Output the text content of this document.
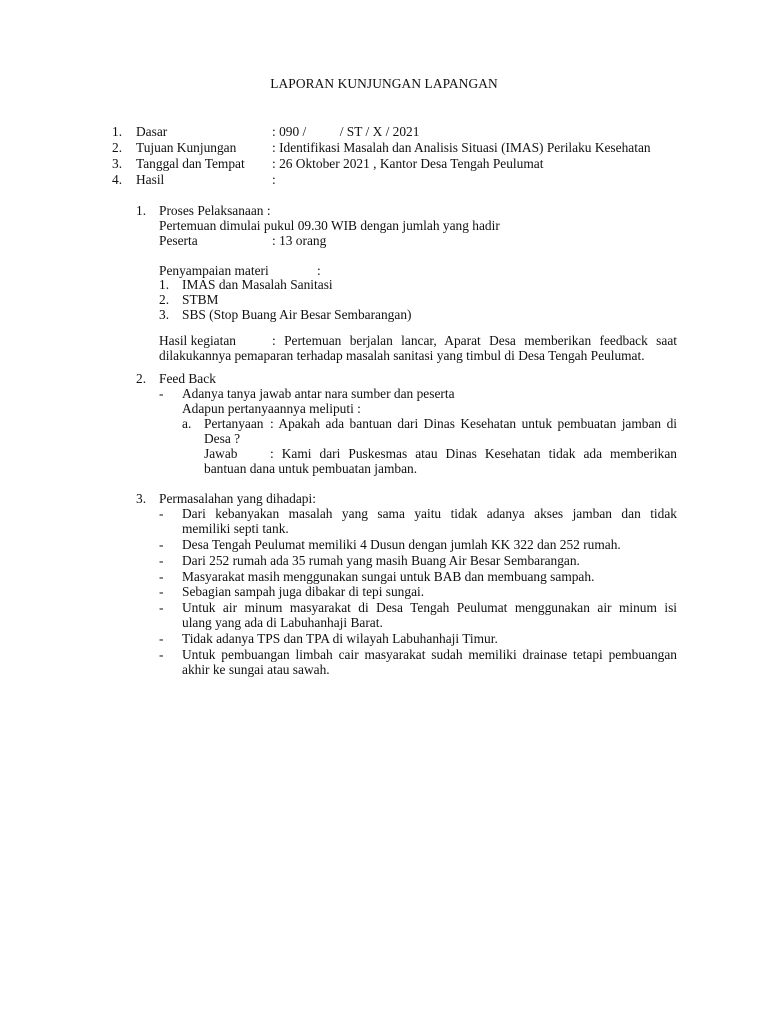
LAPORAN KUNJUNGAN LAPANGAN
1. Dasar	: 090 /          / ST / X / 2021
2. Tujuan Kunjungan	: Identifikasi Masalah dan Analisis Situasi (IMAS) Perilaku Kesehatan
3. Tanggal dan Tempat : 26 Oktober 2021 , Kantor Desa Tengah Peulumat
4. Hasil	:
1. Proses Pelaksanaan :
Pertemuan dimulai pukul 09.30 WIB dengan jumlah yang hadir
Peserta	: 13 orang
Penyampaian materi	:
1. IMAS dan Masalah Sanitasi
2. STBM
3. SBS (Stop Buang Air Besar Sembarangan)
Hasil kegiatan	: Pertemuan berjalan lancar, Aparat Desa memberikan feedback saat
dilakukannya pemaparan terhadap masalah sanitasi yang timbul di Desa Tengah Peulumat.
2. Feed Back
- Adanya tanya jawab antar nara sumber dan peserta
Adapun pertanyaannya meliputi :
a. Pertanyaan : Apakah ada bantuan dari Dinas Kesehatan untuk pembuatan jamban di
Desa ?
Jawab : Kami dari Puskesmas atau Dinas Kesehatan tidak ada memberikan
bantuan dana untuk pembuatan jamban.
3. Permasalahan yang dihadapi:
- Dari kebanyakan masalah yang sama yaitu tidak adanya akses jamban dan tidak
memiliki septi tank.
- Desa Tengah Peulumat memiliki 4 Dusun dengan jumlah KK 322 dan 252 rumah.
- Dari 252 rumah ada 35 rumah yang masih Buang Air Besar Sembarangan.
- Masyarakat masih menggunakan sungai untuk BAB dan membuang sampah.
- Sebagian sampah juga dibakar di tepi sungai.
- Untuk air minum masyarakat di Desa Tengah Peulumat menggunakan air minum isi
ulang yang ada di Labuhanhaji Barat.
- Tidak adanya TPS dan TPA di wilayah Labuhanhaji Timur.
- Untuk pembuangan limbah cair masyarakat sudah memiliki drainase tetapi pembuangan
akhir ke sungai atau sawah.
